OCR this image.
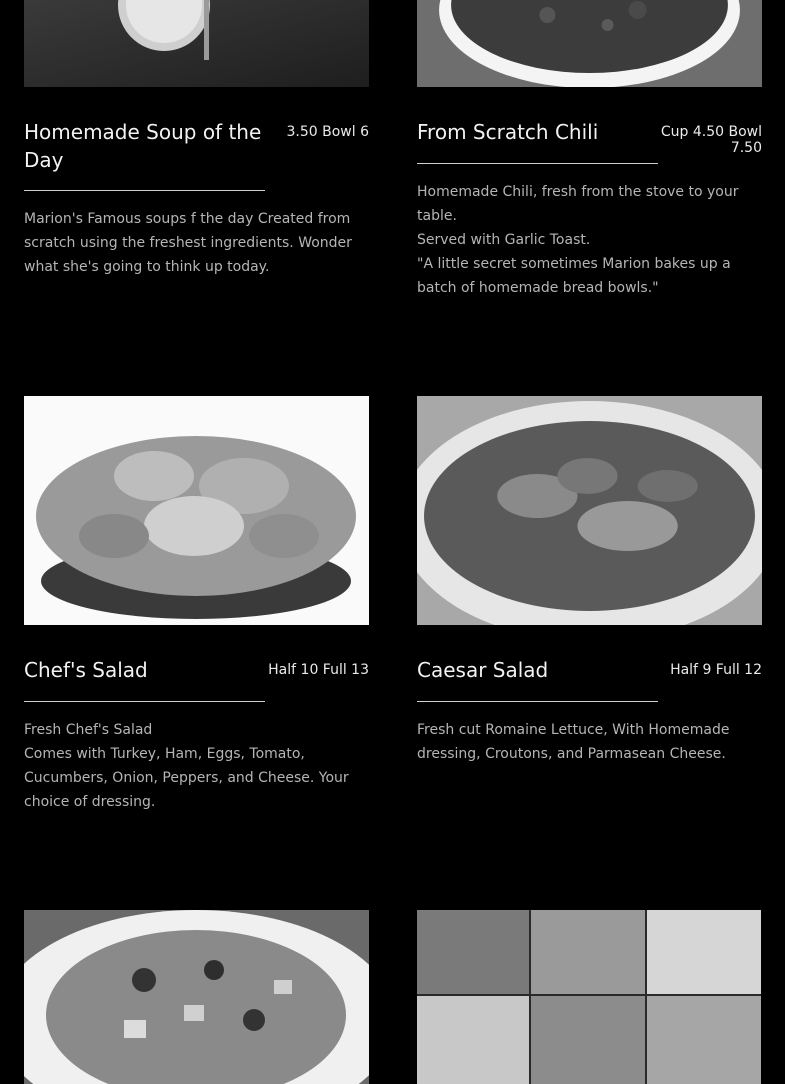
Homemade Soup of the Day
3.50 Bowl 6
Marion's Famous soups f the day Created from scratch using the freshest ingredients. Wonder what she's going to think up today.
From Scratch Chili	Cup 4.50 Bowl 7.50
Homemade Chili, fresh from the stove to your table.
Served with Garlic Toast.
"A little secret sometimes Marion bakes up a batch of homemade bread bowls."
Chef's Salad	Half 10 Full 13
Fresh Chef's Salad
Comes with Turkey, Ham, Eggs, Tomato, Cucumbers, Onion, Peppers, and Cheese. Your choice of dressing.
Caesar Salad	Half 9 Full 12
Fresh cut Romaine Lettuce, With Homemade dressing, Croutons, and Parmasean Cheese.
